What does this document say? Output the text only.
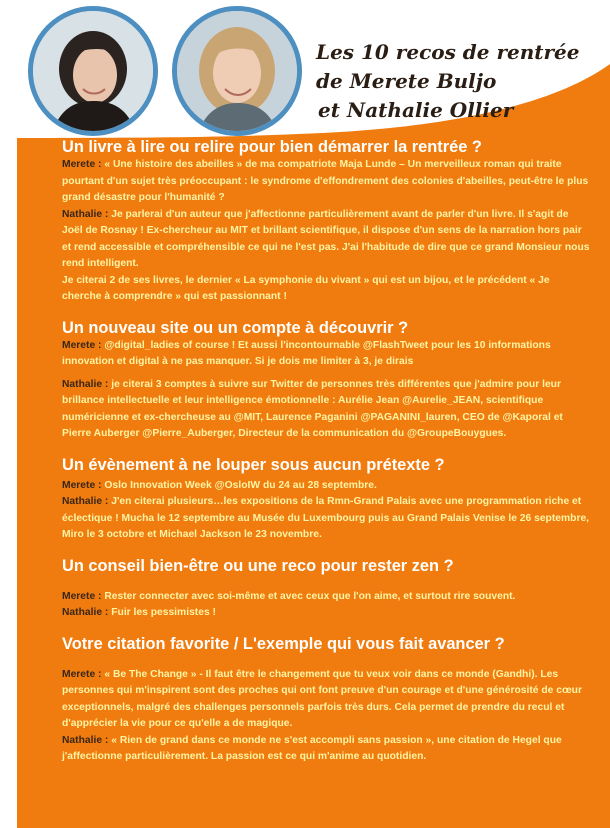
Les 10 recos de rentrée
de Merete Buljo
et Nathalie Ollier

Un livre à lire ou relire pour bien démarrer la rentrée ?

Merete : « Une histoire des abeilles » de ma compatriote Maja Lunde – Un merveilleux roman qui traite pourtant d'un sujet très préoccupant : le syndrome d'effondrement des colonies d'abeilles, peut-être le plus grand désastre pour l'humanité ?

Nathalie : Je parlerai d'un auteur que j'affectionne particulièrement avant de parler d'un livre. Il s'agit de Joël de Rosnay ! Ex-chercheur au MIT et brillant scientifique, il dispose d'un sens de la narration hors pair et rend accessible et compréhensible ce qui ne l'est pas. J'ai l'habitude de dire que ce grand Monsieur nous rend intelligent.

Je citerai 2 de ses livres, le dernier « La symphonie du vivant » qui est un bijou, et le précédent « Je cherche à comprendre » qui est passionnant !

Un nouveau site ou un compte à découvrir ?

Merete : @digital_ladies of course ! Et aussi l'incontournable @FlashTweet pour les 10 informations innovation et digital à ne pas manquer. Si je dois me limiter à 3, je dirais

Nathalie : je citerai 3 comptes à suivre sur Twitter de personnes très différentes que j'admire pour leur brillance intellectuelle et leur intelligence émotionnelle : Aurélie Jean @Aurelie_JEAN, scientifique numéricienne et ex-chercheuse au @MIT, Laurence Paganini @PAGANINI_lauren, CEO de @Kaporal et Pierre Auberger @Pierre_Auberger, Directeur de la communication du @GroupeBouygues.

Un évènement à ne louper sous aucun prétexte ?

Merete : Oslo Innovation Week @OsloIW du 24 au 28 septembre.

Nathalie : J'en citerai plusieurs…les expositions de la Rmn-Grand Palais avec une programmation riche et éclectique ! Mucha le 12 septembre au Musée du Luxembourg puis au Grand Palais Venise le 26 septembre, Miro le 3 octobre et Michael Jackson le 23 novembre.

Un conseil bien-être ou une reco pour rester zen ?

Merete : Rester connecter avec soi-même et avec ceux que l'on aime, et surtout rire souvent.

Nathalie : Fuir les pessimistes !

Votre citation favorite / L'exemple qui vous fait avancer ?

Merete : « Be The Change » - Il faut être le changement que tu veux voir dans ce monde (Gandhi). Les personnes qui m'inspirent sont des proches qui ont font preuve d'un courage et d'une générosité de cœur exceptionnels, malgré des challenges personnels parfois très durs. Cela permet de prendre du recul et d'apprécier la vie pour ce qu'elle a de magique.

Nathalie : « Rien de grand dans ce monde ne s'est accompli sans passion », une citation de Hegel que j'affectionne particulièrement. La passion est ce qui m'anime au quotidien.
